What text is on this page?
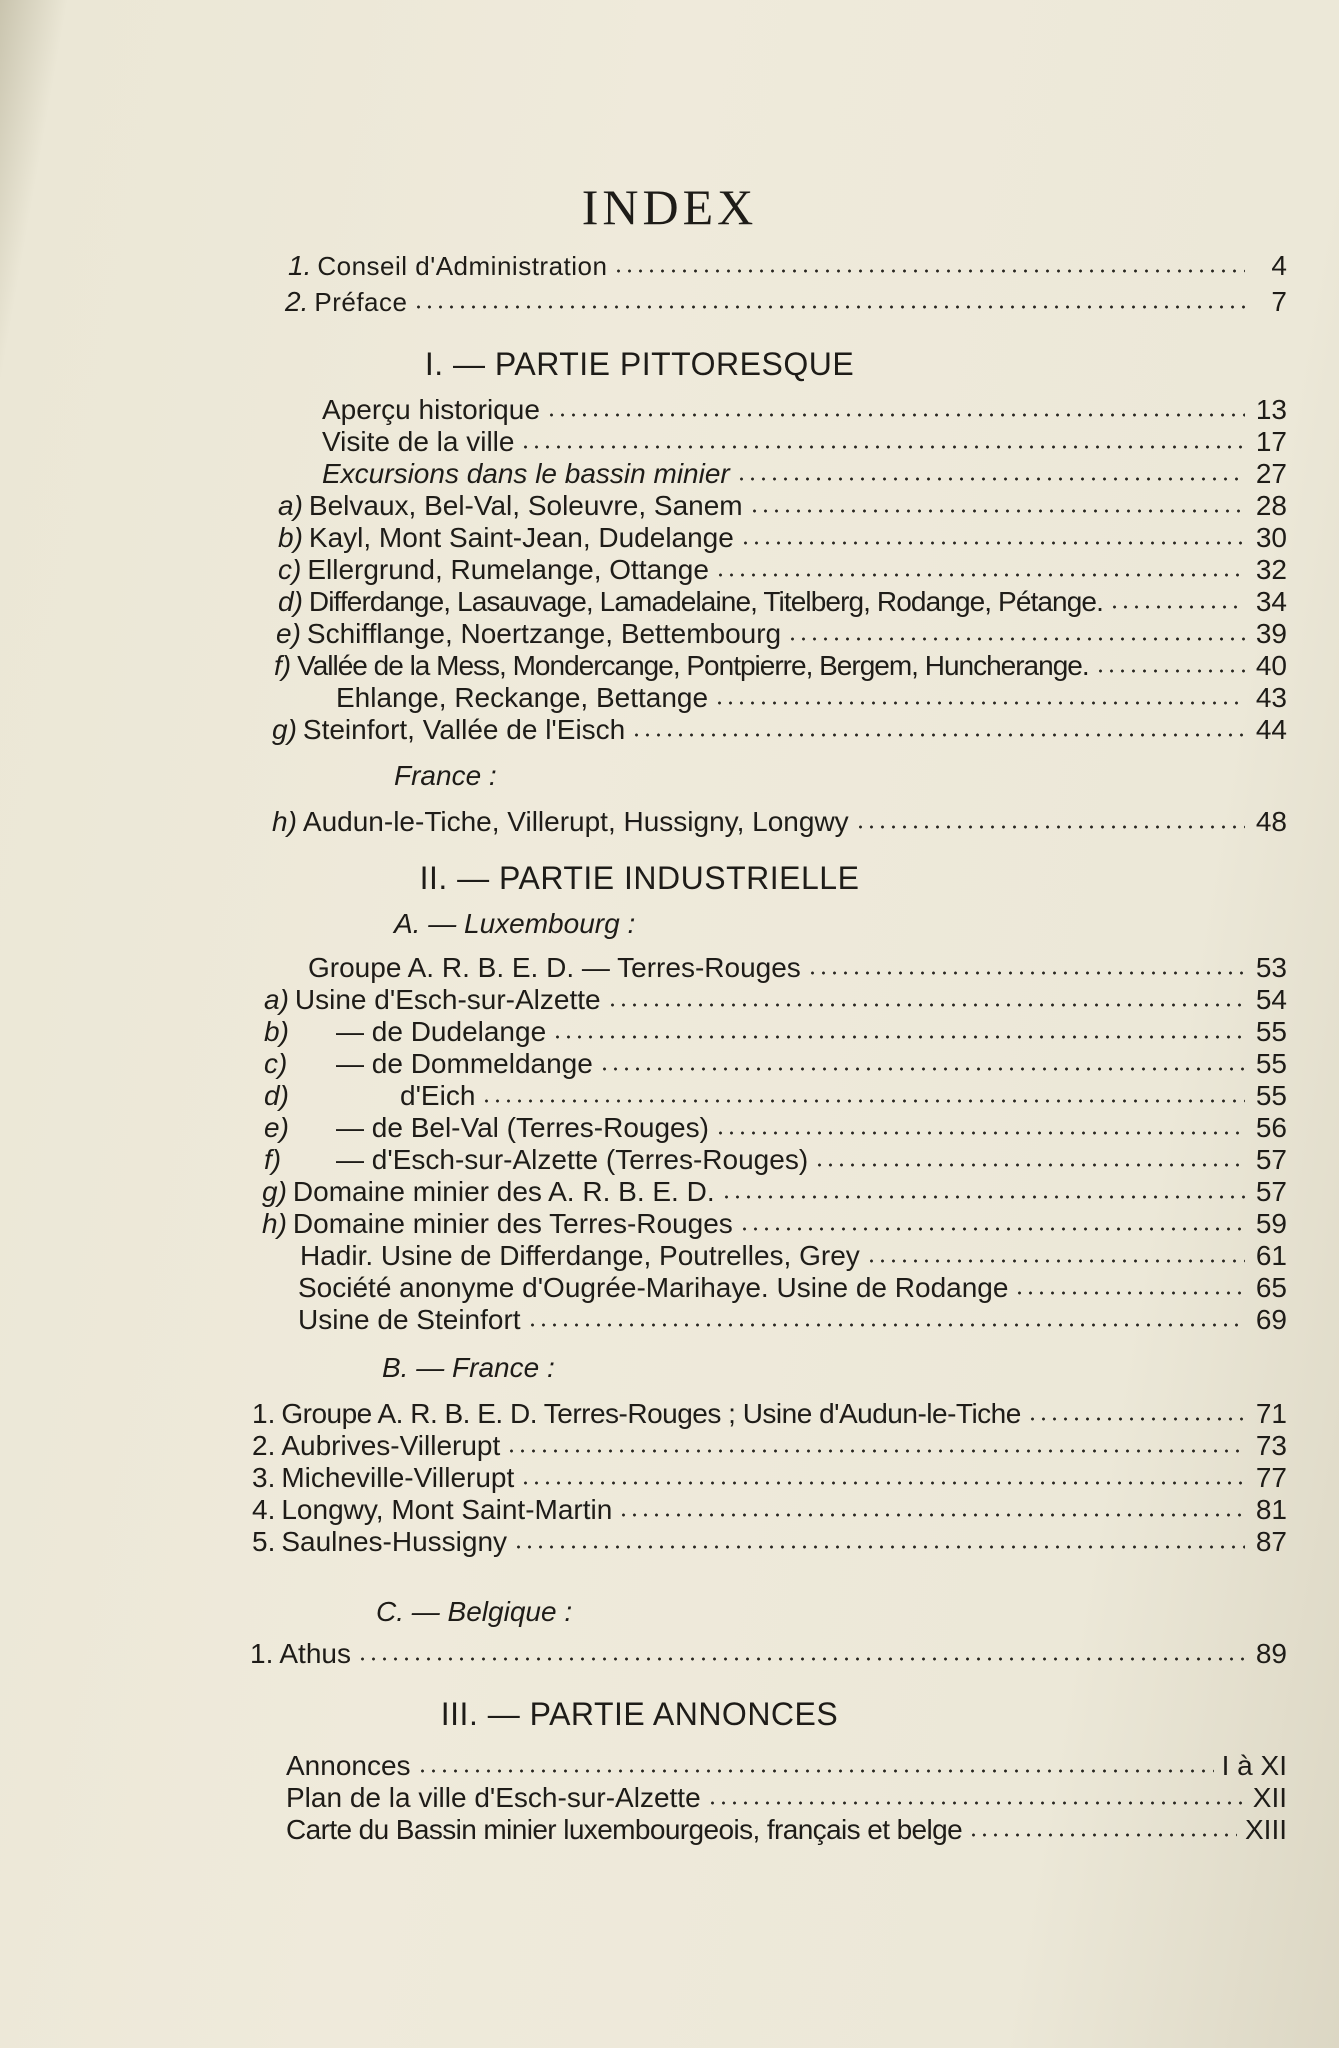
INDEX
1. Conseil d'Administration	4
2. Préface	7
I. — PARTIE PITTORESQUE
Aperçu historique	13
Visite de la ville	17
Excursions dans le bassin minier	27
a) Belvaux, Bel-Val, Soleuvre, Sanem	28
b) Kayl, Mont Saint-Jean, Dudelange	30
c) Ellergrund, Rumelange, Ottange	32
d) Differdange, Lasauvage, Lamadelaine, Titelberg, Rodange, Pétange.	34
e) Schifflange, Noertzange, Bettembourg	39
f) Vallée de la Mess, Mondercange, Pontpierre, Bergem, Huncherange.	40
Ehlange, Reckange, Bettange	43
g) Steinfort, Vallée de l'Eisch	44
France :
h) Audun-le-Tiche, Villerupt, Hussigny, Longwy	48
II. — PARTIE INDUSTRIELLE
A. — Luxembourg :
Groupe A. R. B. E. D. — Terres-Rouges	53
a) Usine d'Esch-sur-Alzette	54
b)	— de Dudelange	55
c)	— de Dommeldange	55
d)	d'Eich	55
e)	— de Bel-Val (Terres-Rouges)	56
f)	— d'Esch-sur-Alzette (Terres-Rouges)	57
g) Domaine minier des A. R. B. E. D.	57
h) Domaine minier des Terres-Rouges	59
Hadir. Usine de Differdange, Poutrelles, Grey	61
Société anonyme d'Ougrée-Marihaye. Usine de Rodange	65
Usine de Steinfort	69
B. — France :
1. Groupe A. R. B. E. D. Terres-Rouges ; Usine d'Audun-le-Tiche	71
2. Aubrives-Villerupt	73
3. Micheville-Villerupt	77
4. Longwy, Mont Saint-Martin	81
5. Saulnes-Hussigny	87
C. — Belgique :
1. Athus	89
III. — PARTIE ANNONCES
Annonces	I à XI
Plan de la ville d'Esch-sur-Alzette	XII
Carte du Bassin minier luxembourgeois, français et belge	XIII
